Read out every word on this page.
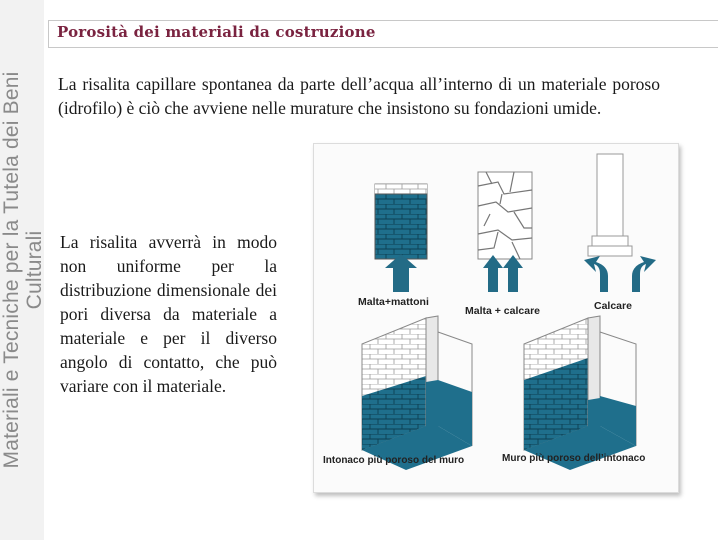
Materiali e Tecniche per la Tutela dei Beni Culturali
Porosità dei materiali da costruzione
La risalita capillare spontanea da parte dell’acqua all’interno di un materiale poroso (idrofilo) è ciò che avviene nelle murature che insistono su fondazioni umide.
La risalita avverrà in modo non uniforme per la distribuzione dimensionale dei pori diversa da materiale a materiale e per il diverso angolo di contatto, che può variare con il materiale.
Malta+mattoni
Malta + calcare	Calcare
Intonaco più poroso del muro	Muro più poroso dell’intonaco
